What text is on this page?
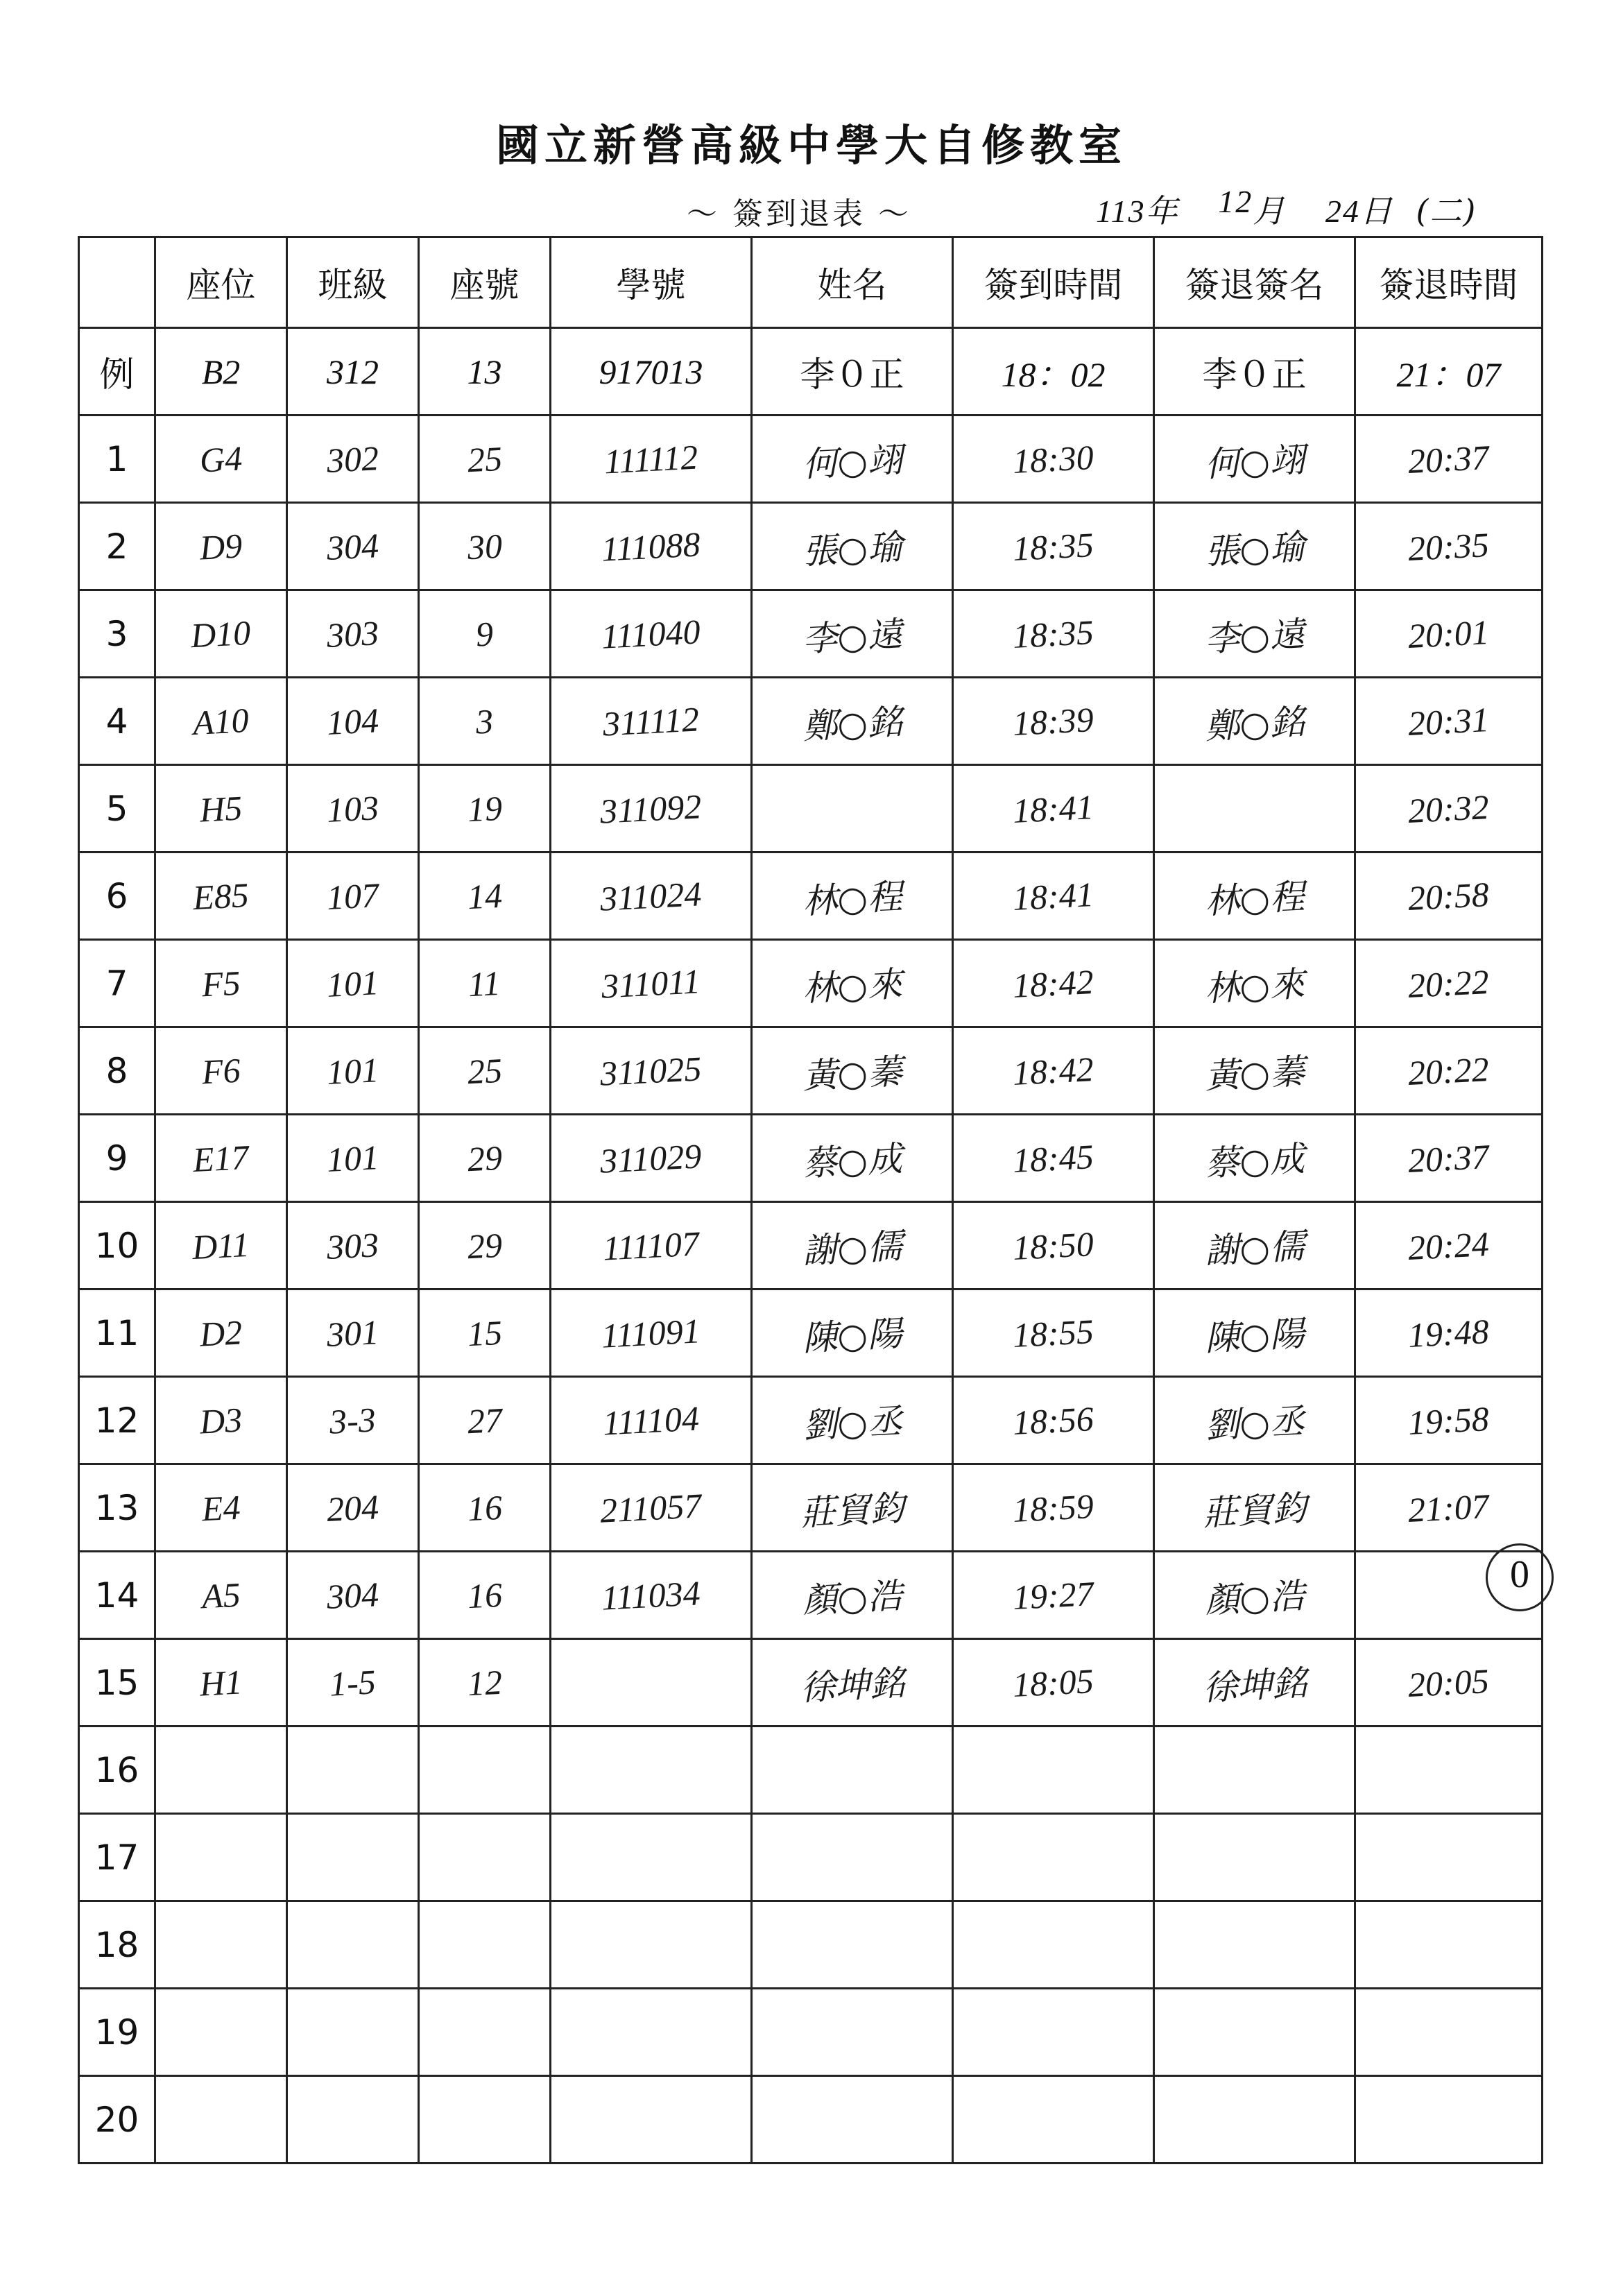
國立新營高級中學大自修教室
～ 簽到退表 ～	113年 12月 24日 (二)
	座位	班級	座號	學號	姓名	簽到時間	簽退簽名	簽退時間
例	B2	312	13	917013	李０正	18：02	李０正	21：07
1	G4	302	25	111112	何○翊	18:30	何○翊	20:37
2	D9	304	30	111088	張○瑜	18:35	張○瑜	20:35
3	D10	303	9	111040	李○遠	18:35	李○遠	20:01
4	A10	104	3	311112	鄭○銘	18:39	鄭○銘	20:31
5	H5	103	19	311092		18:41		20:32
6	E85	107	14	311024	林○程	18:41	林○程	20:58
7	F5	101	11	311011	林○來	18:42	林○來	20:22
8	F6	101	25	311025	黃○蓁	18:42	黃○蓁	20:22
9	E17	101	29	311029	蔡○成	18:45	蔡○成	20:37
10	D11	303	29	111107	謝○儒	18:50	謝○儒	20:24
11	D2	301	15	111091	陳○陽	18:55	陳○陽	19:48
12	D3	3-3	27	111104	劉○丞	18:56	劉○丞	19:58
13	E4	204	16	211057	莊貿鈞	18:59	莊貿鈞	21:07
14	A5	304	16	111034	顏○浩	19:27	顏○浩	
15	H1	1-5	12		徐坤銘	18:05	徐坤銘	20:05
16								
17								
18								
19								
20								
0
